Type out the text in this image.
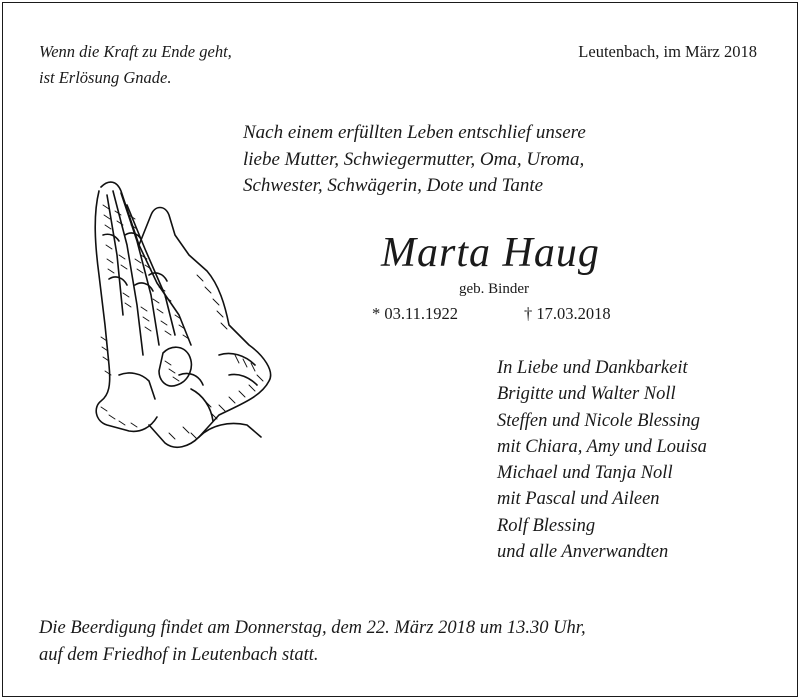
Wenn die Kraft zu Ende geht,
ist Erlösung Gnade.
Leutenbach, im März 2018
Nach einem erfüllten Leben entschlief unsere
liebe Mutter, Schwiegermutter, Oma, Uroma,
Schwester, Schwägerin, Dote und Tante
Marta Haug
geb. Binder
* 03.11.1922	† 17.03.2018
In Liebe und Dankbarkeit
Brigitte und Walter Noll
Steffen und Nicole Blessing
mit Chiara, Amy und Louisa
Michael und Tanja Noll
mit Pascal und Aileen
Rolf Blessing
und alle Anverwandten
Die Beerdigung findet am Donnerstag, dem 22. März 2018 um 13.30 Uhr,
auf dem Friedhof in Leutenbach statt.
